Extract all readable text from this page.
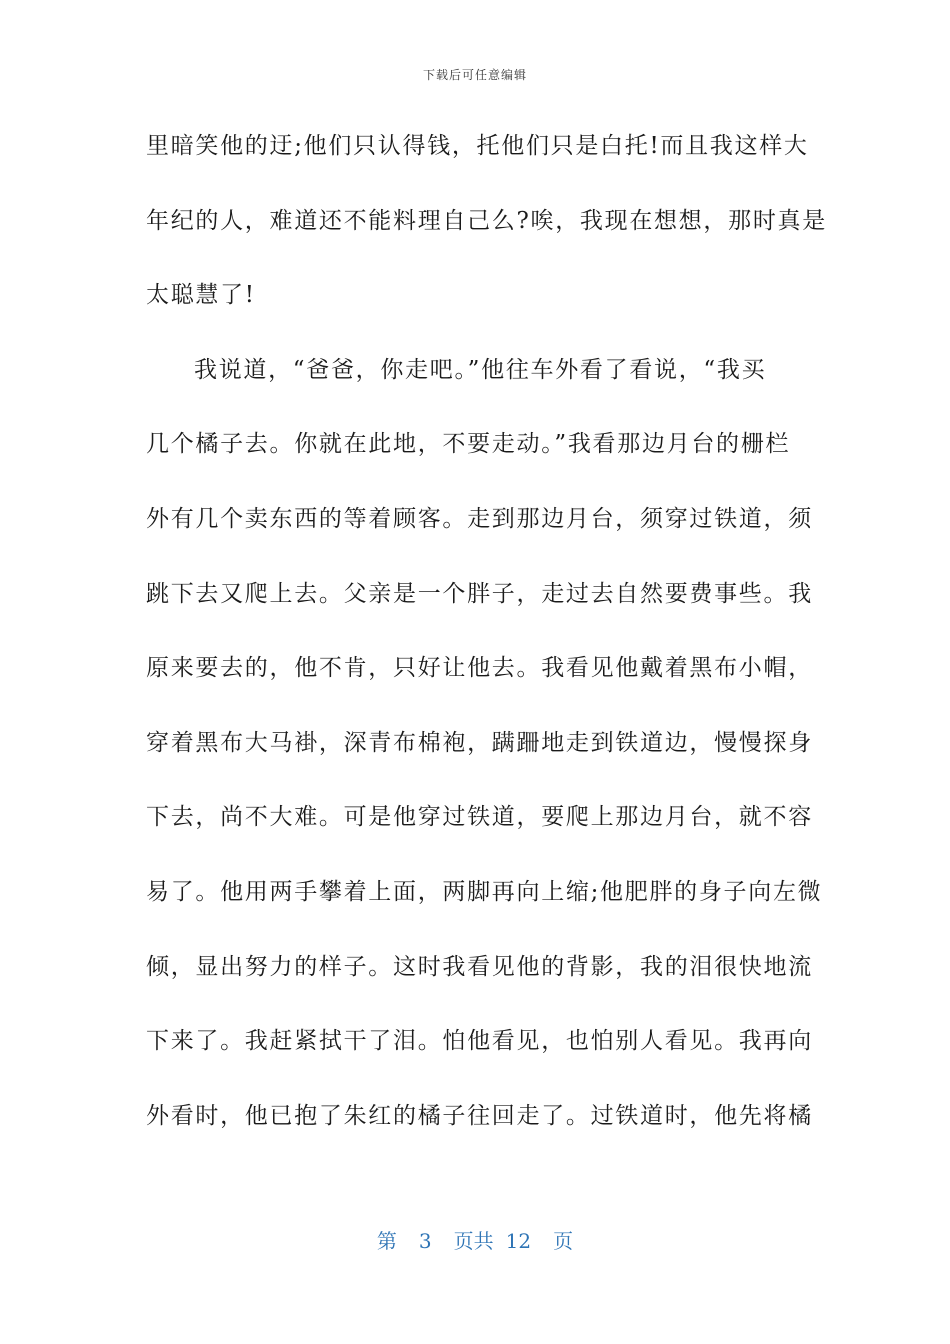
下载后可任意编辑
里暗笑他的迂;他们只认得钱，托他们只是白托!而且我这样大
年纪的人，难道还不能料理自己么?唉，我现在想想，那时真是
太聪慧了!
我说道，“爸爸，你走吧。”他往车外看了看说，“我买
几个橘子去。你就在此地，不要走动。”我看那边月台的栅栏
外有几个卖东西的等着顾客。走到那边月台，须穿过铁道，须
跳下去又爬上去。父亲是一个胖子，走过去自然要费事些。我
原来要去的，他不肯，只好让他去。我看见他戴着黑布小帽，
穿着黑布大马褂，深青布棉袍，蹒跚地走到铁道边，慢慢探身
下去，尚不大难。可是他穿过铁道，要爬上那边月台，就不容
易了。他用两手攀着上面，两脚再向上缩;他肥胖的身子向左微
倾，显出努力的样子。这时我看见他的背影，我的泪很快地流
下来了。我赶紧拭干了泪。怕他看见，也怕别人看见。我再向
外看时，他已抱了朱红的橘子往回走了。过铁道时，他先将橘
第 3 页共 12 页
